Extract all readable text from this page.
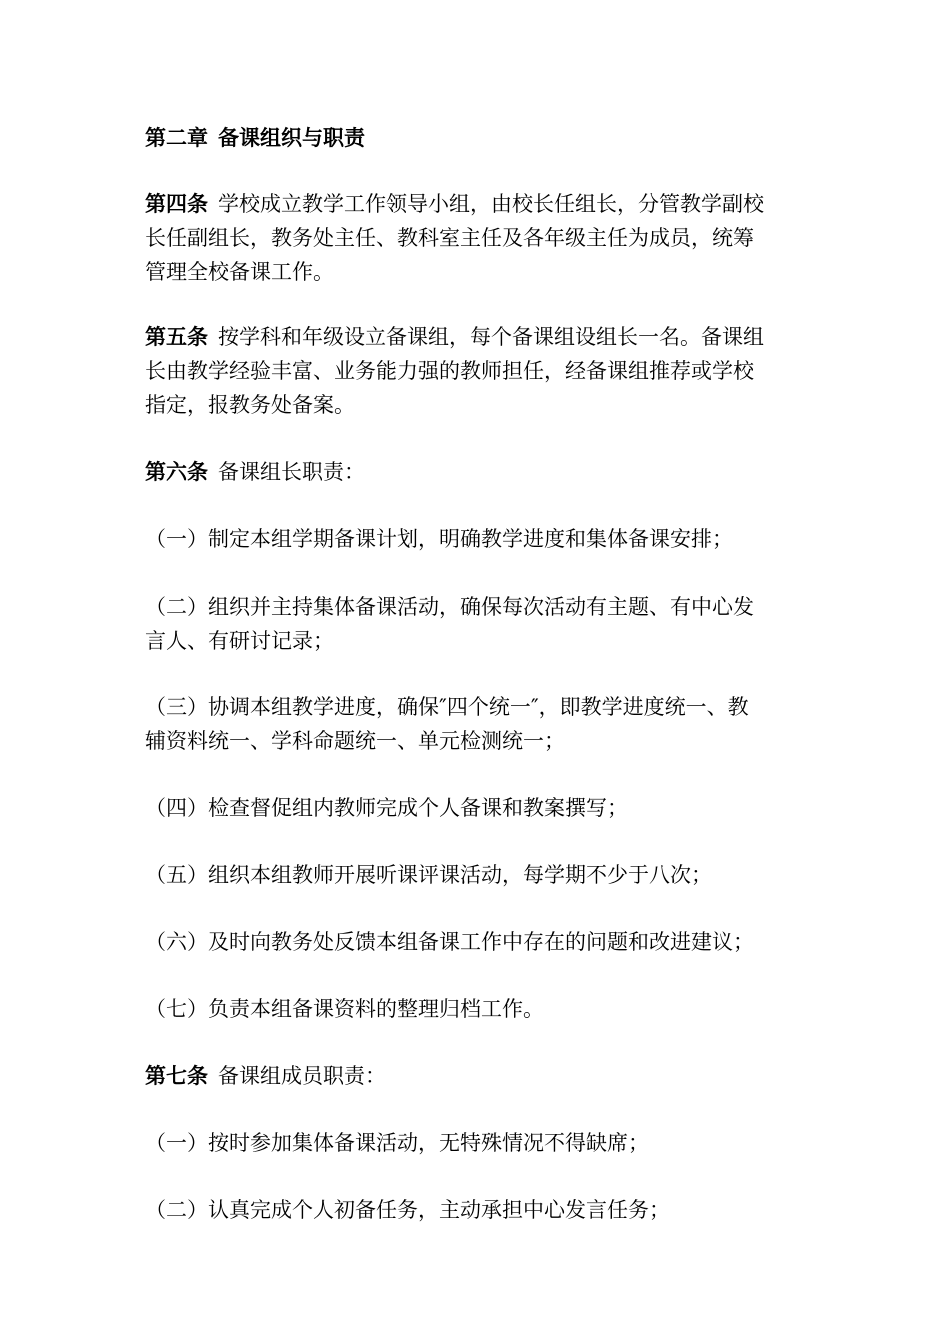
第二章 备课组织与职责

第四条 学校成立教学工作领导小组，由校长任组长，分管教学副校
长任副组长，教务处主任、教科室主任及各年级主任为成员，统筹
管理全校备课工作。

第五条 按学科和年级设立备课组，每个备课组设组长一名。备课组
长由教学经验丰富、业务能力强的教师担任，经备课组推荐或学校
指定，报教务处备案。

第六条 备课组长职责：

（一）制定本组学期备课计划，明确教学进度和集体备课安排；

（二）组织并主持集体备课活动，确保每次活动有主题、有中心发
言人、有研讨记录；

（三）协调本组教学进度，确保″四个统一″，即教学进度统一、教
辅资料统一、学科命题统一、单元检测统一；

（四）检查督促组内教师完成个人备课和教案撰写；

（五）组织本组教师开展听课评课活动，每学期不少于八次；

（六）及时向教务处反馈本组备课工作中存在的问题和改进建议；

（七）负责本组备课资料的整理归档工作。

第七条 备课组成员职责：

（一）按时参加集体备课活动，无特殊情况不得缺席；

（二）认真完成个人初备任务，主动承担中心发言任务；
